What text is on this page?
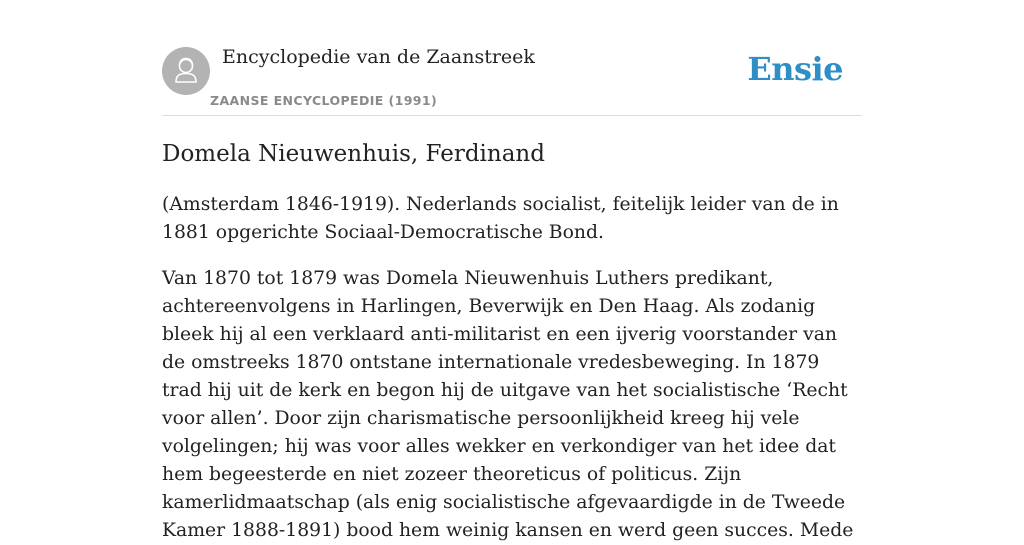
Encyclopedie van de Zaanstreek
ZAANSE ENCYCLOPEDIE (1991)
Ensie
Domela Nieuwenhuis, Ferdinand

(Amsterdam 1846-1919). Nederlands socialist, feitelijk leider van de in 1881 opgerichte Sociaal-Democratische Bond.

Van 1870 tot 1879 was Domela Nieuwenhuis Luthers predikant, achtereenvolgens in Harlingen, Beverwijk en Den Haag. Als zodanig bleek hij al een verklaard anti-militarist en een ijverig voorstander van de omstreeks 1870 ontstane internationale vredesbeweging. In 1879 trad hij uit de kerk en begon hij de uitgave van het socialistische ‘Recht voor allen’. Door zijn charismatische persoonlijkheid kreeg hij vele volgelingen; hij was voor alles wekker en verkondiger van het idee dat hem begeesterde en niet zozeer theoreticus of politicus. Zijn kamerlidmaatschap (als enig socialistische afgevaardigde in de Tweede Kamer 1888-1891) bood hem weinig kansen en werd geen succes. Mede
